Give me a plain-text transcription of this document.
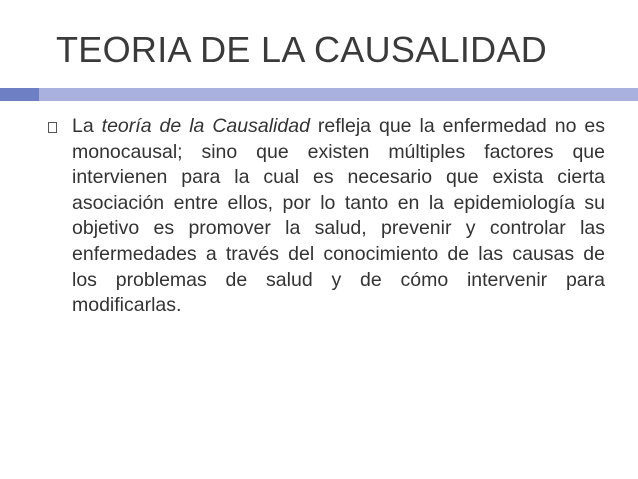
TEORIA DE LA CAUSALIDAD

La teoría de la Causalidad refleja que la enfermedad no es monocausal; sino que existen múltiples factores que intervienen para la cual es necesario que exista cierta asociación entre ellos, por lo tanto en la epidemiología su objetivo es promover la salud, prevenir y controlar las enfermedades a través del conocimiento de las causas de los problemas de salud y de cómo intervenir para modificarlas.
